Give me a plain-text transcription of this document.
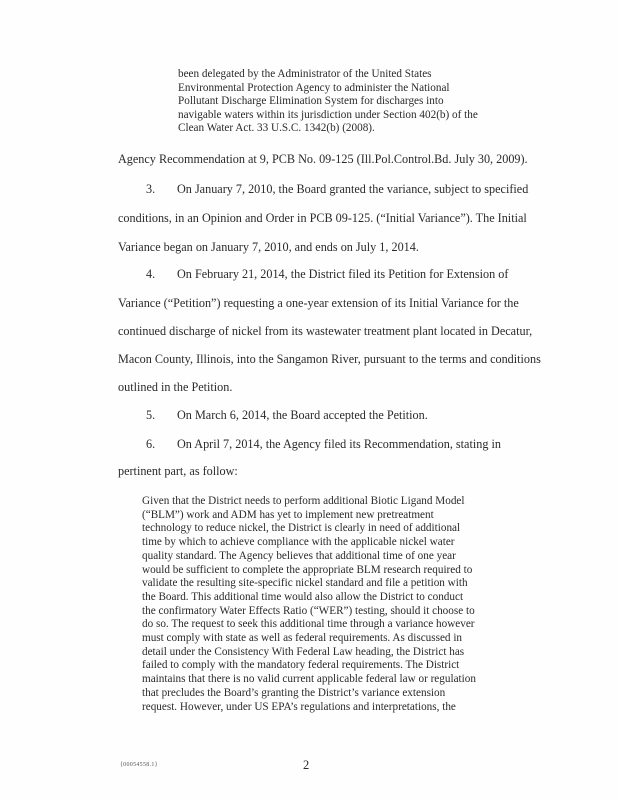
been delegated by the Administrator of the United States
Environmental Protection Agency to administer the National
Pollutant Discharge Elimination System for discharges into
navigable waters within its jurisdiction under Section 402(b) of the
Clean Water Act. 33 U.S.C. 1342(b) (2008).
Agency Recommendation at 9, PCB No. 09-125 (Ill.Pol.Control.Bd. July 30, 2009).
3. On January 7, 2010, the Board granted the variance, subject to specified
conditions, in an Opinion and Order in PCB 09-125. (“Initial Variance”). The Initial
Variance began on January 7, 2010, and ends on July 1, 2014.
4. On February 21, 2014, the District filed its Petition for Extension of
Variance (“Petition”) requesting a one-year extension of its Initial Variance for the
continued discharge of nickel from its wastewater treatment plant located in Decatur,
Macon County, Illinois, into the Sangamon River, pursuant to the terms and conditions
outlined in the Petition.
5. On March 6, 2014, the Board accepted the Petition.
6. On April 7, 2014, the Agency filed its Recommendation, stating in
pertinent part, as follow:
Given that the District needs to perform additional Biotic Ligand Model
(“BLM”) work and ADM has yet to implement new pretreatment
technology to reduce nickel, the District is clearly in need of additional
time by which to achieve compliance with the applicable nickel water
quality standard. The Agency believes that additional time of one year
would be sufficient to complete the appropriate BLM research required to
validate the resulting site-specific nickel standard and file a petition with
the Board. This additional time would also allow the District to conduct
the confirmatory Water Effects Ratio (“WER”) testing, should it choose to
do so. The request to seek this additional time through a variance however
must comply with state as well as federal requirements. As discussed in
detail under the Consistency With Federal Law heading, the District has
failed to comply with the mandatory federal requirements. The District
maintains that there is no valid current applicable federal law or regulation
that precludes the Board’s granting the District’s variance extension
request. However, under US EPA’s regulations and interpretations, the
{00054558.1}	2
